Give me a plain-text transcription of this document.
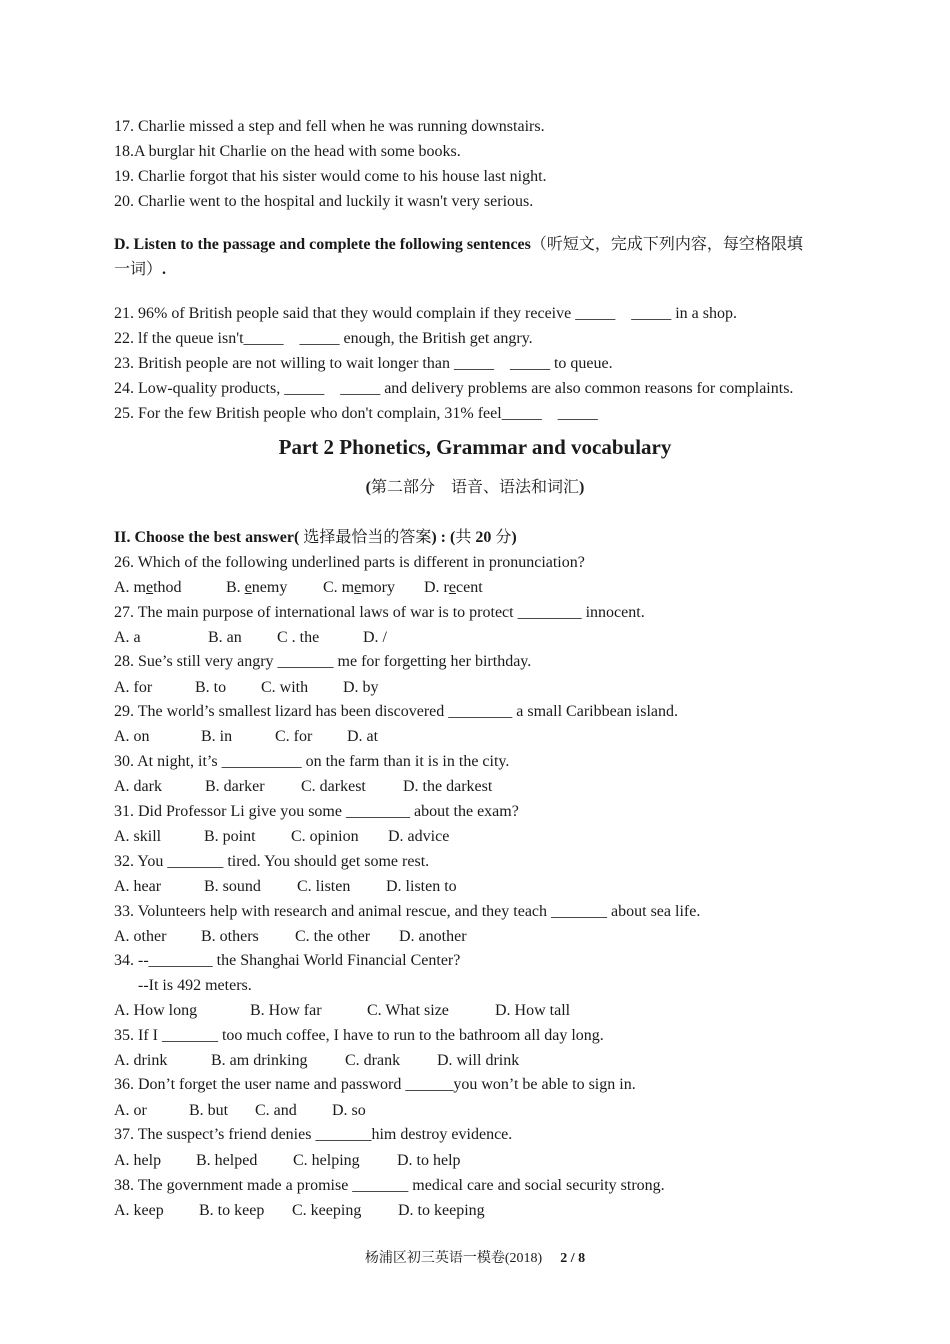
17. Charlie missed a step and fell when he was running downstairs.
18.A burglar hit Charlie on the head with some books.
19. Charlie forgot that his sister would come to his house last night.
20. Charlie went to the hospital and luckily it wasn't very serious.
D. Listen to the passage and complete the following sentences（听短文，完成下列内容，每空格限填
一词）.
21. 96% of British people said that they would complain if they receive _____    _____ in a shop.
22. lf the queue isn't_____    _____ enough, the British get angry.
23. British people are not willing to wait longer than _____    _____ to queue.
24. Low-quality products, _____    _____ and delivery problems are also common reasons for complaints.
25. For the few British people who don't complain, 31% feel_____    _____
Part 2 Phonetics, Grammar and vocabulary
(第二部分    语音、语法和词汇)
II. Choose the best answer( 选择最恰当的答案) : (共 20 分)
26. Which of the following underlined parts is different in pronunciation?
A. method	B. enemy C. memory D. recent
27. The main purpose of international laws of war is to protect ________ innocent.
A. a	B. an C . the	D. /
28. Sue’s still very angry _______ me for forgetting her birthday.
A. for	B. to C. with D. by
29. The world’s smallest lizard has been discovered ________ a small Caribbean island.
A. on	B. in	C. for D. at
30. At night, it’s __________ on the farm than it is in the city.
A. dark	B. darker C. darkest D. the darkest
31. Did Professor Li give you some ________ about the exam?
A. skill	B. point C. opinion D. advice
32. You _______ tired. You should get some rest.
A. hear	B. sound C. listen D. listen to
33. Volunteers help with research and animal rescue, and they teach _______ about sea life.
A. other B. others C. the other D. another
34. --________ the Shanghai World Financial Center?
--It is 492 meters.
A. How long	B. How far	C. What size	D. How tall
35. If I _______ too much coffee, I have to run to the bathroom all day long.
A. drink	B. am drinking C. drank D. will drink
36. Don’t forget the user name and password ______you won’t be able to sign in.
A. or	B. but C. and D. so
37. The suspect’s friend denies _______him destroy evidence.
A. help B. helped C. helping D. to help
38. The government made a promise _______ medical care and social security strong.
A. keep B. to keep C. keeping D. to keeping
杨浦区初三英语一模卷(2018) 2 / 8
